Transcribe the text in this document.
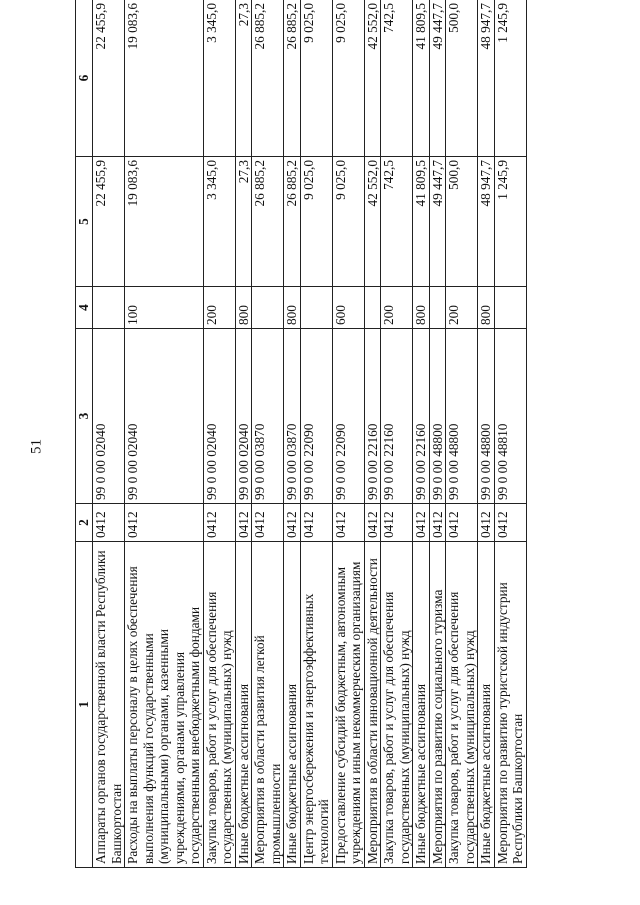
51
1	2	3	4	5	6
Аппараты органов государственной власти Республики Башкортостан	0412	99 0 00 02040		22 455,9	22 455,9
Расходы на выплаты персоналу в целях обеспечения выполнения функций государственными (муниципальными) органами, казенными учреждениями, органами управления государственными внебюджетными фондами	0412	99 0 00 02040	100	19 083,6	19 083,6
Закупка товаров, работ и услуг для обеспечения государственных (муниципальных) нужд	0412	99 0 00 02040	200	3 345,0	3 345,0
Иные бюджетные ассигнования	0412	99 0 00 02040	800	27,3	27,3
Мероприятия в области развития легкой промышленности	0412	99 0 00 03870		26 885,2	26 885,2
Иные бюджетные ассигнования	0412	99 0 00 03870	800	26 885,2	26 885,2
Центр энергосбережения и энергоэффективных технологий	0412	99 0 00 22090		9 025,0	9 025,0
Предоставление субсидий бюджетным, автономным учреждениям и иным некоммерческим организациям	0412	99 0 00 22090	600	9 025,0	9 025,0
Мероприятия в области инновационной деятельности	0412	99 0 00 22160		42 552,0	42 552,0
Закупка товаров, работ и услуг для обеспечения государственных (муниципальных) нужд	0412	99 0 00 22160	200	742,5	742,5
Иные бюджетные ассигнования	0412	99 0 00 22160	800	41 809,5	41 809,5
Мероприятия по развитию социального туризма	0412	99 0 00 48800		49 447,7	49 447,7
Закупка товаров, работ и услуг для обеспечения государственных (муниципальных) нужд	0412	99 0 00 48800	200	500,0	500,0
Иные бюджетные ассигнования	0412	99 0 00 48800	800	48 947,7	48 947,7
Мероприятия по развитию туристской индустрии Республики Башкортостан	0412	99 0 00 48810		1 245,9	1 245,9
